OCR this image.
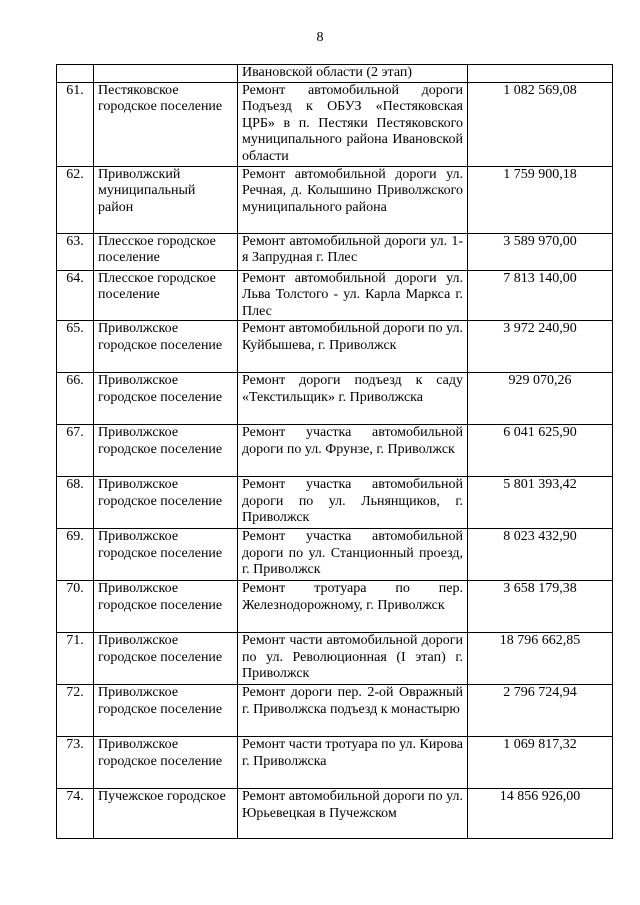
8
		Ивановской области (2 этап)	
61.	Пестяковское городское поселение	Ремонт автомобильной дороги Подъезд к ОБУЗ «Пестяковская ЦРБ» в п. Пестяки Пестяковского муниципального района Ивановской области	1 082 569,08
62.	Приволжский муниципальный район	Ремонт автомобильной дороги ул. Речная, д. Колышино Приволжского муниципального района	1 759 900,18
63.	Плесское городское поселение	Ремонт автомобильной дороги ул. 1-я Запрудная г. Плес	3 589 970,00
64.	Плесское городское поселение	Ремонт автомобильной дороги ул. Льва Толстого - ул. Карла Маркса г. Плес	7 813 140,00
65.	Приволжское городское поселение	Ремонт автомобильной дороги по ул. Куйбышева, г. Приволжск	3 972 240,90
66.	Приволжское городское поселение	Ремонт дороги подъезд к саду «Текстильщик» г. Приволжска	929 070,26
67.	Приволжское городское поселение	Ремонт участка автомобильной дороги по ул. Фрунзе, г. Приволжск	6 041 625,90
68.	Приволжское городское поселение	Ремонт участка автомобильной дороги по ул. Льнянщиков, г. Приволжск	5 801 393,42
69.	Приволжское городское поселение	Ремонт участка автомобильной дороги по ул. Станционный проезд, г. Приволжск	8 023 432,90
70.	Приволжское городское поселение	Ремонт тротуара по пер. Железнодорожному, г. Приволжск	3 658 179,38
71.	Приволжское городское поселение	Ремонт части автомобильной дороги по ул. Революционная (I этап) г. Приволжск	18 796 662,85
72.	Приволжское городское поселение	Ремонт дороги пер. 2-ой Овражный г. Приволжска подъезд к монастырю	2 796 724,94
73.	Приволжское городское поселение	Ремонт части тротуара по ул. Кирова г. Приволжска	1 069 817,32
74.	Пучежское городское	Ремонт автомобильной дороги по ул. Юрьевецкая в Пучежском	14 856 926,00
